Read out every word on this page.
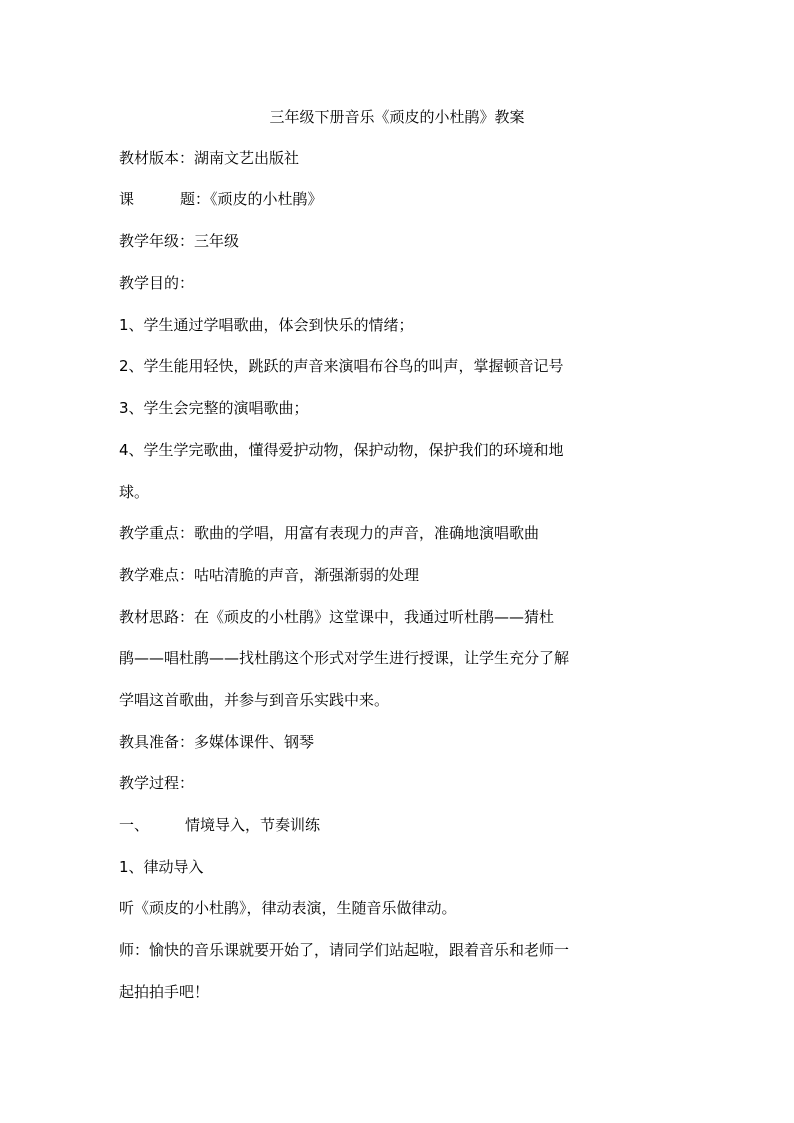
三年级下册音乐《顽皮的小杜鹃》教案
教材版本：湖南文艺出版社
课	题：《顽皮的小杜鹃》
教学年级：三年级
教学目的：
1、学生通过学唱歌曲，体会到快乐的情绪；
2、学生能用轻快，跳跃的声音来演唱布谷鸟的叫声，掌握顿音记号
3、学生会完整的演唱歌曲；
4、学生学完歌曲，懂得爱护动物，保护动物，保护我们的环境和地
球。
教学重点：歌曲的学唱，用富有表现力的声音，准确地演唱歌曲
教学难点：咕咕清脆的声音，渐强渐弱的处理
教材思路：在《顽皮的小杜鹃》这堂课中，我通过听杜鹃——猜杜
鹃——唱杜鹃——找杜鹃这个形式对学生进行授课，让学生充分了解
学唱这首歌曲，并参与到音乐实践中来。
教具准备：多媒体课件、钢琴
教学过程：
一、 情境导入，节奏训练
1、律动导入
听《顽皮的小杜鹃》，律动表演，生随音乐做律动。
师：愉快的音乐课就要开始了，请同学们站起啦，跟着音乐和老师一
起拍拍手吧！
